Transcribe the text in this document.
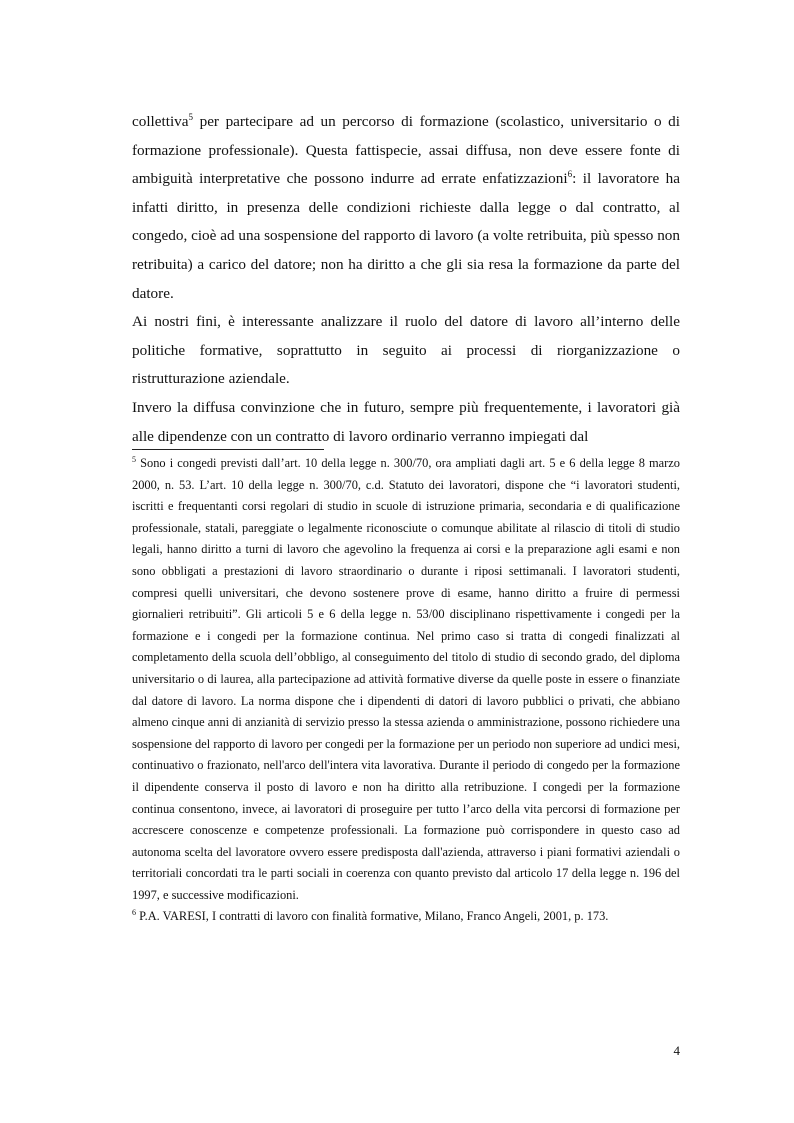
collettiva$^5$ per partecipare ad un percorso di formazione (scolastico, universitario o di formazione professionale). Questa fattispecie, assai diffusa, non deve essere fonte di ambiguità interpretative che possono indurre ad errate enfatizzazioni$^6$: il lavoratore ha infatti diritto, in presenza delle condizioni richieste dalla legge o dal contratto, al congedo, cioè ad una sospensione del rapporto di lavoro (a volte retribuita, più spesso non retribuita) a carico del datore; non ha diritto a che gli sia resa la formazione da parte del datore.

Ai nostri fini, è interessante analizzare il ruolo del datore di lavoro all’interno delle politiche formative, soprattutto in seguito ai processi di riorganizzazione o ristrutturazione aziendale.

Invero la diffusa convinzione che in futuro, sempre più frequentemente, i lavoratori già alle dipendenze con un contratto di lavoro ordinario verranno impiegati dal

$^5$ Sono i congedi previsti dall’art. 10 della legge n. 300/70, ora ampliati dagli art. 5 e 6 della legge 8 marzo 2000, n. 53. L’art. 10 della legge n. 300/70, c.d. Statuto dei lavoratori, dispone che “i lavoratori studenti, iscritti e frequentanti corsi regolari di studio in scuole di istruzione primaria, secondaria e di qualificazione professionale, statali, pareggiate o legalmente riconosciute o comunque abilitate al rilascio di titoli di studio legali, hanno diritto a turni di lavoro che agevolino la frequenza ai corsi e la preparazione agli esami e non sono obbligati a prestazioni di lavoro straordinario o durante i riposi settimanali. I lavoratori studenti, compresi quelli universitari, che devono sostenere prove di esame, hanno diritto a fruire di permessi giornalieri retribuiti”. Gli articoli 5 e 6 della legge n. 53/00 disciplinano rispettivamente i congedi per la formazione e i congedi per la formazione continua. Nel primo caso si tratta di congedi finalizzati al completamento della scuola dell’obbligo, al conseguimento del titolo di studio di secondo grado, del diploma universitario o di laurea, alla partecipazione ad attività formative diverse da quelle poste in essere o finanziate dal datore di lavoro. La norma dispone che i dipendenti di datori di lavoro pubblici o privati, che abbiano almeno cinque anni di anzianità di servizio presso la stessa azienda o amministrazione, possono richiedere una sospensione del rapporto di lavoro per congedi per la formazione per un periodo non superiore ad undici mesi, continuativo o frazionato, nell'arco dell'intera vita lavorativa. Durante il periodo di congedo per la formazione il dipendente conserva il posto di lavoro e non ha diritto alla retribuzione. I congedi per la formazione continua consentono, invece, ai lavoratori di proseguire per tutto l’arco della vita percorsi di formazione per accrescere conoscenze e competenze professionali. La formazione può corrispondere in questo caso ad autonoma scelta del lavoratore ovvero essere predisposta dall'azienda, attraverso i piani formativi aziendali o territoriali concordati tra le parti sociali in coerenza con quanto previsto dal articolo 17 della legge n. 196 del 1997, e successive modificazioni.

$^6$ P.A. VARESI, I contratti di lavoro con finalità formative, Milano, Franco Angeli, 2001, p. 173.

4
